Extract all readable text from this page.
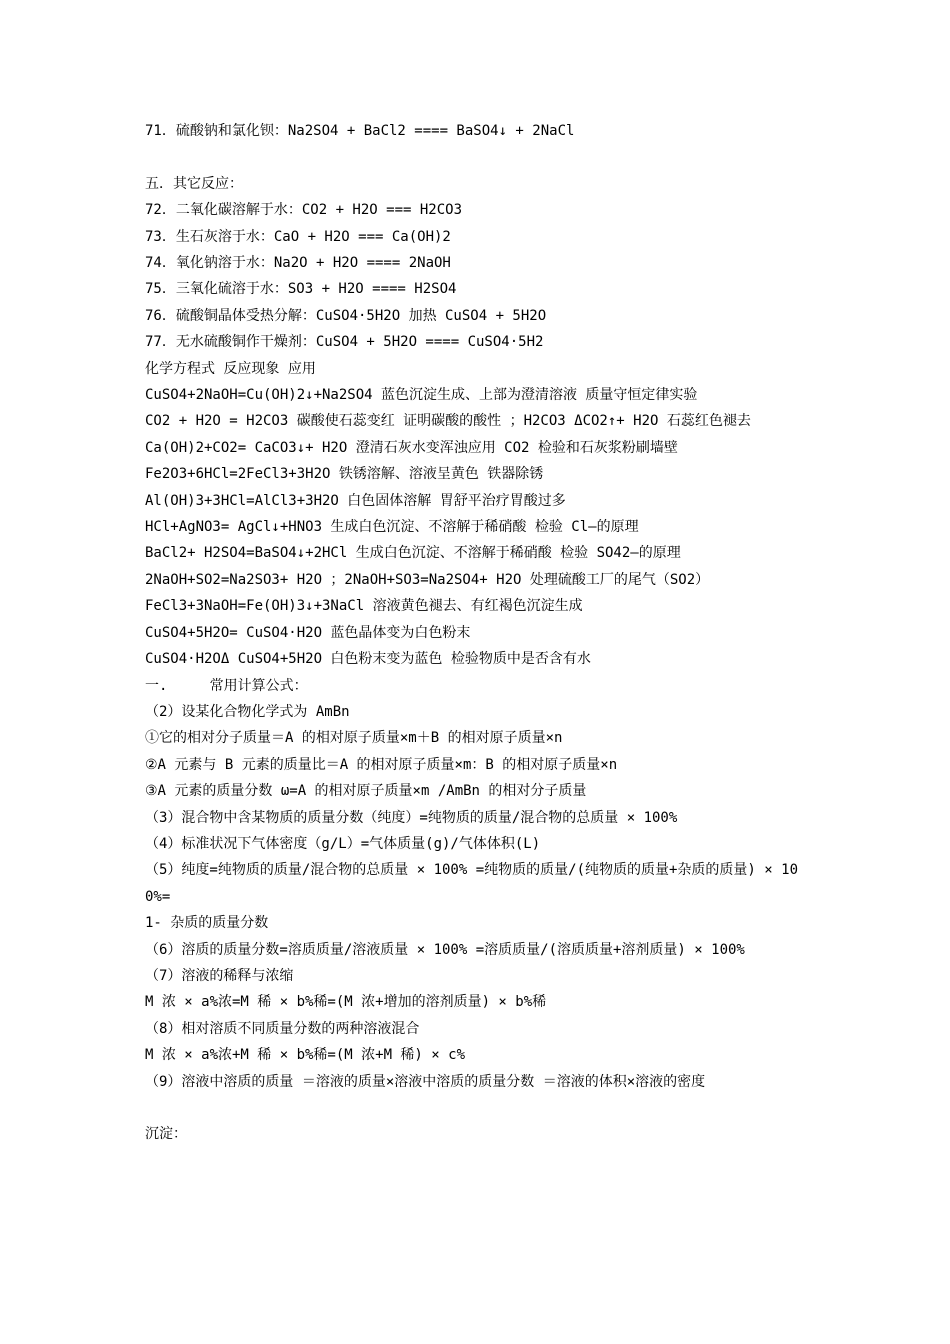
71．硫酸钠和氯化钡：Na2SO4 + BaCl2 ==== BaSO4↓ + 2NaCl
五．其它反应：
72．二氧化碳溶解于水：CO2 + H2O === H2CO3
73．生石灰溶于水：CaO + H2O === Ca(OH)2
74．氧化钠溶于水：Na2O + H2O ==== 2NaOH
75．三氧化硫溶于水：SO3 + H2O ==== H2SO4
76．硫酸铜晶体受热分解：CuSO4·5H2O 加热 CuSO4 + 5H2O
77．无水硫酸铜作干燥剂：CuSO4 + 5H2O ==== CuSO4·5H2
化学方程式 反应现象 应用
CuSO4+2NaOH=Cu(OH)2↓+Na2SO4 蓝色沉淀生成、上部为澄清溶液 质量守恒定律实验
CO2 + H2O = H2CO3 碳酸使石蕊变红 证明碳酸的酸性 ；H2CO3 ΔCO2↑+ H2O 石蕊红色褪去
Ca(OH)2+CO2= CaCO3↓+ H2O 澄清石灰水变浑浊应用 CO2 检验和石灰浆粉刷墙壁
Fe2O3+6HCl=2FeCl3+3H2O 铁锈溶解、溶液呈黄色 铁器除锈
Al(OH)3+3HCl=AlCl3+3H2O 白色固体溶解 胃舒平治疗胃酸过多
HCl+AgNO3= AgCl↓+HNO3 生成白色沉淀、不溶解于稀硝酸 检验 Cl—的原理
BaCl2+ H2SO4=BaSO4↓+2HCl 生成白色沉淀、不溶解于稀硝酸 检验 SO42—的原理
2NaOH+SO2=Na2SO3+ H2O ；2NaOH+SO3=Na2SO4+ H2O 处理硫酸工厂的尾气（SO2）
FeCl3+3NaOH=Fe(OH)3↓+3NaCl 溶液黄色褪去、有红褐色沉淀生成
CuSO4+5H2O= CuSO4·H2O 蓝色晶体变为白色粉末
CuSO4·H2OΔ CuSO4+5H2O 白色粉末变为蓝色 检验物质中是否含有水
一.     常用计算公式：
（2）设某化合物化学式为 AmBn
①它的相对分子质量＝A 的相对原子质量×m＋B 的相对原子质量×n
②A 元素与 B 元素的质量比＝A 的相对原子质量×m：B 的相对原子质量×n
③A 元素的质量分数 ω=A 的相对原子质量×m /AmBn 的相对分子质量
（3）混合物中含某物质的质量分数（纯度）=纯物质的质量/混合物的总质量 × 100%
（4）标准状况下气体密度（g/L）=气体质量(g)/气体体积(L)
（5）纯度=纯物质的质量/混合物的总质量 × 100% =纯物质的质量/(纯物质的质量+杂质的质量) × 100%=
1- 杂质的质量分数
（6）溶质的质量分数=溶质质量/溶液质量 × 100% =溶质质量/(溶质质量+溶剂质量) × 100%
（7）溶液的稀释与浓缩
M 浓 × a%浓=M 稀 × b%稀=(M 浓+增加的溶剂质量) × b%稀
（8）相对溶质不同质量分数的两种溶液混合
M 浓 × a%浓+M 稀 × b%稀=(M 浓+M 稀) × c%
（9）溶液中溶质的质量 ＝溶液的质量×溶液中溶质的质量分数 ＝溶液的体积×溶液的密度
沉淀：
